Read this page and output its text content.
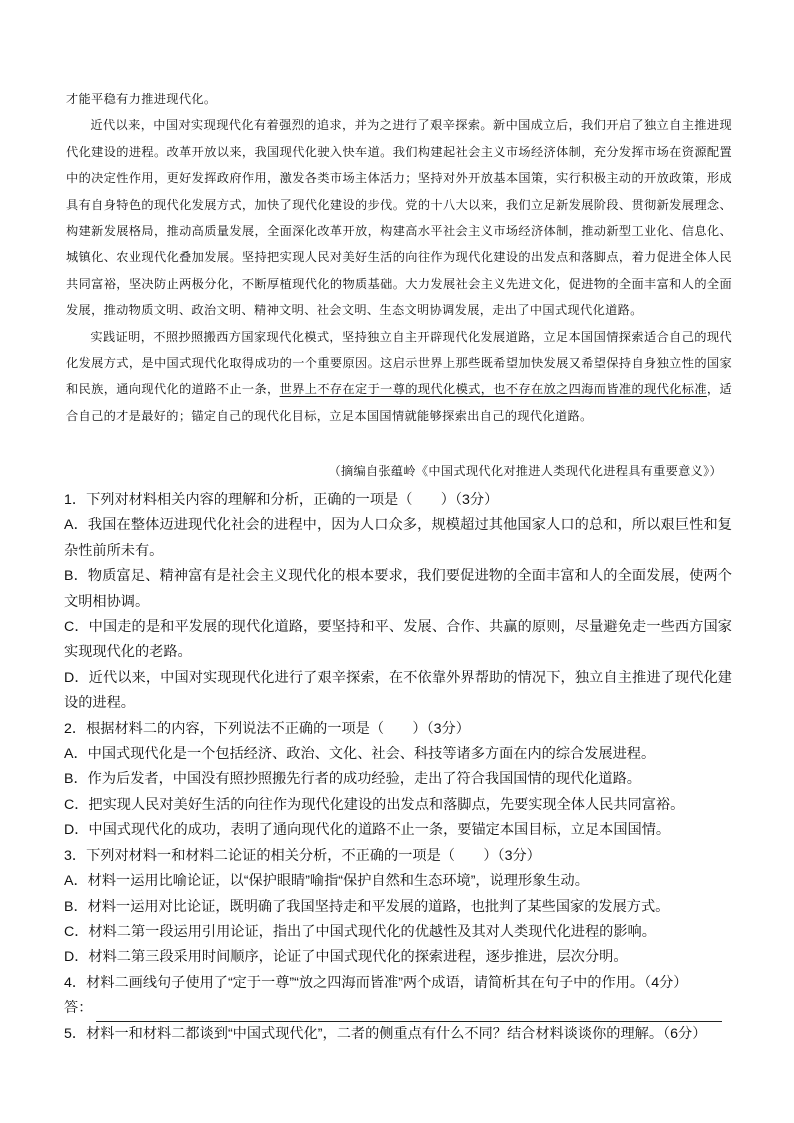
才能平稳有力推进现代化。

近代以来，中国对实现现代化有着强烈的追求，并为之进行了艰辛探索。新中国成立后，我们开启了独立自主推进现代化建设的进程。改革开放以来，我国现代化驶入快车道。我们构建起社会主义市场经济体制，充分发挥市场在资源配置中的决定性作用，更好发挥政府作用，激发各类市场主体活力；坚持对外开放基本国策，实行积极主动的开放政策，形成具有自身特色的现代化发展方式，加快了现代化建设的步伐。党的十八大以来，我们立足新发展阶段、贯彻新发展理念、构建新发展格局，推动高质量发展，全面深化改革开放，构建高水平社会主义市场经济体制，推动新型工业化、信息化、城镇化、农业现代化叠加发展。坚持把实现人民对美好生活的向往作为现代化建设的出发点和落脚点，着力促进全体人民共同富裕，坚决防止两极分化，不断厚植现代化的物质基础。大力发展社会主义先进文化，促进物的全面丰富和人的全面发展，推动物质文明、政治文明、精神文明、社会文明、生态文明协调发展，走出了中国式现代化道路。

实践证明，不照抄照搬西方国家现代化模式，坚持独立自主开辟现代化发展道路，立足本国国情探索适合自己的现代化发展方式，是中国式现代化取得成功的一个重要原因。这启示世界上那些既希望加快发展又希望保持自身独立性的国家和民族，通向现代化的道路不止一条，世界上不存在定于一尊的现代化模式，也不存在放之四海而皆准的现代化标准，适合自己的才是最好的；锚定自己的现代化目标，立足本国国情就能够探索出自己的现代化道路。

（摘编自张蕴岭《中国式现代化对推进人类现代化进程具有重要意义》）

1．下列对材料相关内容的理解和分析，正确的一项是（　　）（3分）

A．我国在整体迈进现代化社会的进程中，因为人口众多，规模超过其他国家人口的总和，所以艰巨性和复杂性前所未有。

B．物质富足、精神富有是社会主义现代化的根本要求，我们要促进物的全面丰富和人的全面发展，使两个文明相协调。

C．中国走的是和平发展的现代化道路，要坚持和平、发展、合作、共赢的原则，尽量避免走一些西方国家实现现代化的老路。

D．近代以来，中国对实现现代化进行了艰辛探索，在不依靠外界帮助的情况下，独立自主推进了现代化建设的进程。

2．根据材料二的内容，下列说法不正确的一项是（　　）（3分）

A．中国式现代化是一个包括经济、政治、文化、社会、科技等诸多方面在内的综合发展进程。

B．作为后发者，中国没有照抄照搬先行者的成功经验，走出了符合我国国情的现代化道路。

C．把实现人民对美好生活的向往作为现代化建设的出发点和落脚点，先要实现全体人民共同富裕。

D．中国式现代化的成功，表明了通向现代化的道路不止一条，要锚定本国目标，立足本国国情。

3．下列对材料一和材料二论证的相关分析，不正确的一项是（　　）（3分）

A．材料一运用比喻论证，以“保护眼睛”喻指“保护自然和生态环境”，说理形象生动。

B．材料一运用对比论证，既明确了我国坚持走和平发展的道路，也批判了某些国家的发展方式。

C．材料二第一段运用引用论证，指出了中国式现代化的优越性及其对人类现代化进程的影响。

D．材料二第三段采用时间顺序，论证了中国式现代化的探索进程，逐步推进，层次分明。

4．材料二画线句子使用了“定于一尊”“放之四海而皆准”两个成语，请简析其在句子中的作用。（4分）

答：

5．材料一和材料二都谈到“中国式现代化”，二者的侧重点有什么不同？结合材料谈谈你的理解。（6分）
